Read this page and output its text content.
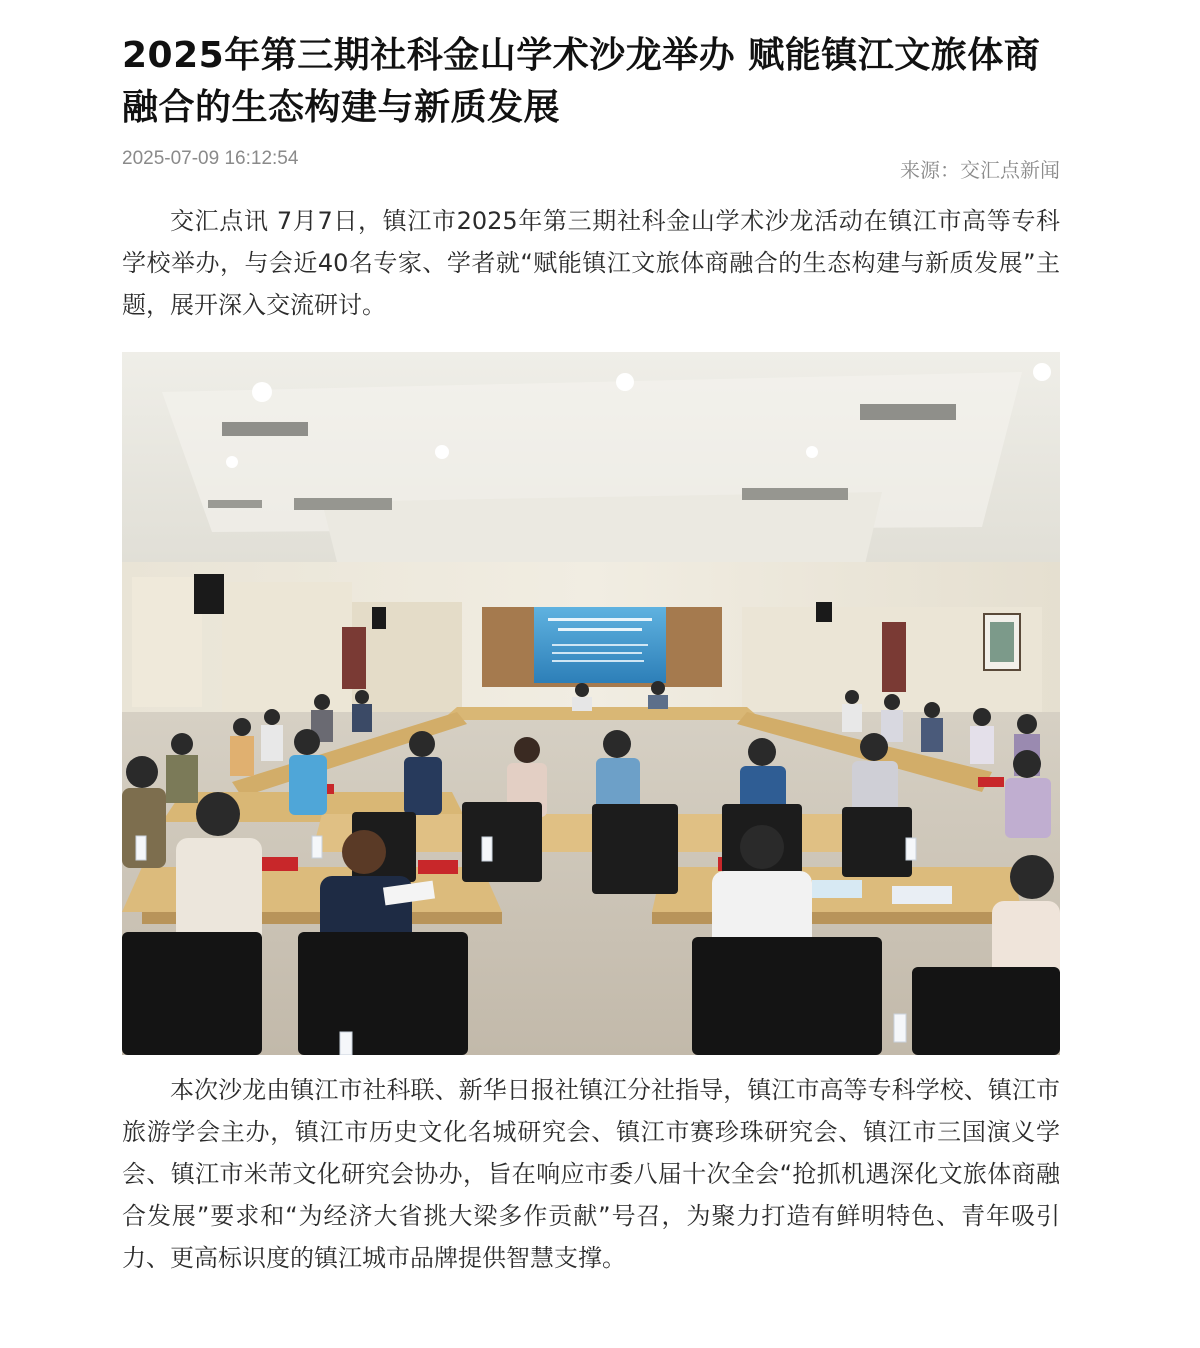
2025年第三期社科金山学术沙龙举办 赋能镇江文旅体商融合的生态构建与新质发展
2025-07-09 16:12:54	来源：交汇点新闻

交汇点讯 7月7日，镇江市2025年第三期社科金山学术沙龙活动在镇江市高等专科学校举办，与会近40名专家、学者就“赋能镇江文旅体商融合的生态构建与新质发展”主题，展开深入交流研讨。

本次沙龙由镇江市社科联、新华日报社镇江分社指导，镇江市高等专科学校、镇江市旅游学会主办，镇江市历史文化名城研究会、镇江市赛珍珠研究会、镇江市三国演义学会、镇江市米芾文化研究会协办，旨在响应市委八届十次全会“抢抓机遇深化文旅体商融合发展”要求和“为经济大省挑大梁多作贡献”号召，为聚力打造有鲜明特色、青年吸引力、更高标识度的镇江城市品牌提供智慧支撑。
